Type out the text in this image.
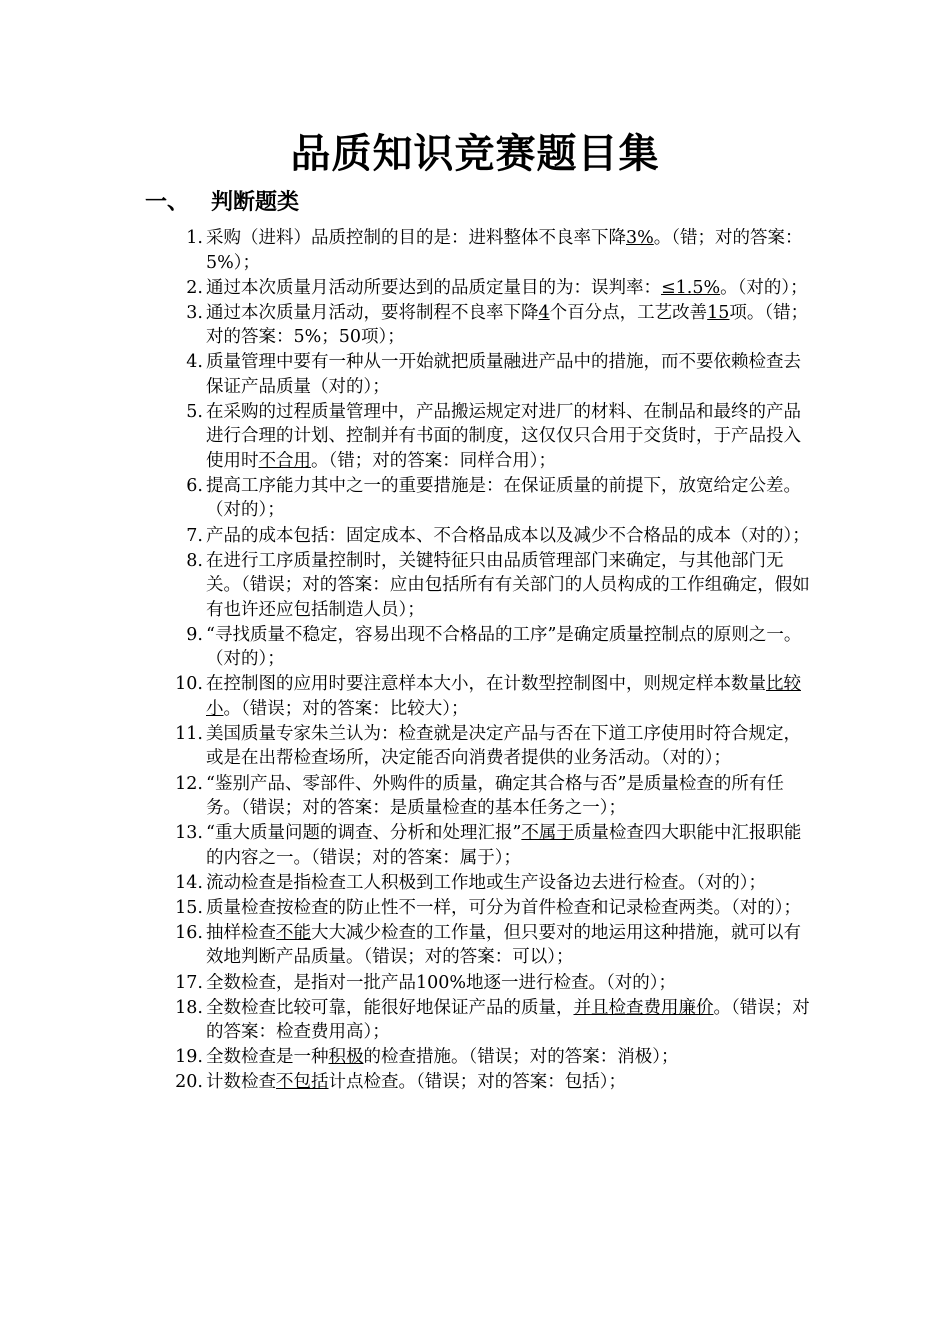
品质知识竞赛题目集
一、 判断题类
1. 采购（进料）品质控制的目的是：进料整体不良率下降3%。（错；对的答案：5%）；
2. 通过本次质量月活动所要达到的品质定量目的为：误判率：≤1.5%。（对的）；
3. 通过本次质量月活动，要将制程不良率下降4个百分点，工艺改善15项。（错；对的答案：5%；50项）；
4. 质量管理中要有一种从一开始就把质量融进产品中的措施，而不要依赖检查去保证产品质量（对的）；
5. 在采购的过程质量管理中，产品搬运规定对进厂的材料、在制品和最终的产品进行合理的计划、控制并有书面的制度，这仅仅只合用于交货时，于产品投入使用时不合用。（错；对的答案：同样合用）；
6. 提高工序能力其中之一的重要措施是：在保证质量的前提下，放宽给定公差。（对的）；
7. 产品的成本包括：固定成本、不合格品成本以及减少不合格品的成本（对的）；
8. 在进行工序质量控制时，关键特征只由品质管理部门来确定，与其他部门无关。（错误；对的答案：应由包括所有有关部门的人员构成的工作组确定，假如有也许还应包括制造人员）；
9. “寻找质量不稳定，容易出现不合格品的工序”是确定质量控制点的原则之一。（对的）；
10. 在控制图的应用时要注意样本大小，在计数型控制图中，则规定样本数量比较小。（错误；对的答案：比较大）；
11. 美国质量专家朱兰认为：检查就是决定产品与否在下道工序使用时符合规定，或是在出帮检查场所，决定能否向消费者提供的业务活动。（对的）；
12. “鉴别产品、零部件、外购件的质量，确定其合格与否”是质量检查的所有任务。（错误；对的答案：是质量检查的基本任务之一）；
13. “重大质量问题的调查、分析和处理汇报”不属于质量检查四大职能中汇报职能的内容之一。（错误；对的答案：属于）；
14. 流动检查是指检查工人积极到工作地或生产设备边去进行检查。（对的）；
15. 质量检查按检查的防止性不一样，可分为首件检查和记录检查两类。（对的）；
16. 抽样检查不能大大减少检查的工作量，但只要对的地运用这种措施，就可以有效地判断产品质量。（错误；对的答案：可以）；
17. 全数检查，是指对一批产品100%地逐一进行检查。（对的）；
18. 全数检查比较可靠，能很好地保证产品的质量，并且检查费用廉价。（错误；对的答案：检查费用高）；
19. 全数检查是一种积极的检查措施。（错误；对的答案：消极）；
20. 计数检查不包括计点检查。（错误；对的答案：包括）；
